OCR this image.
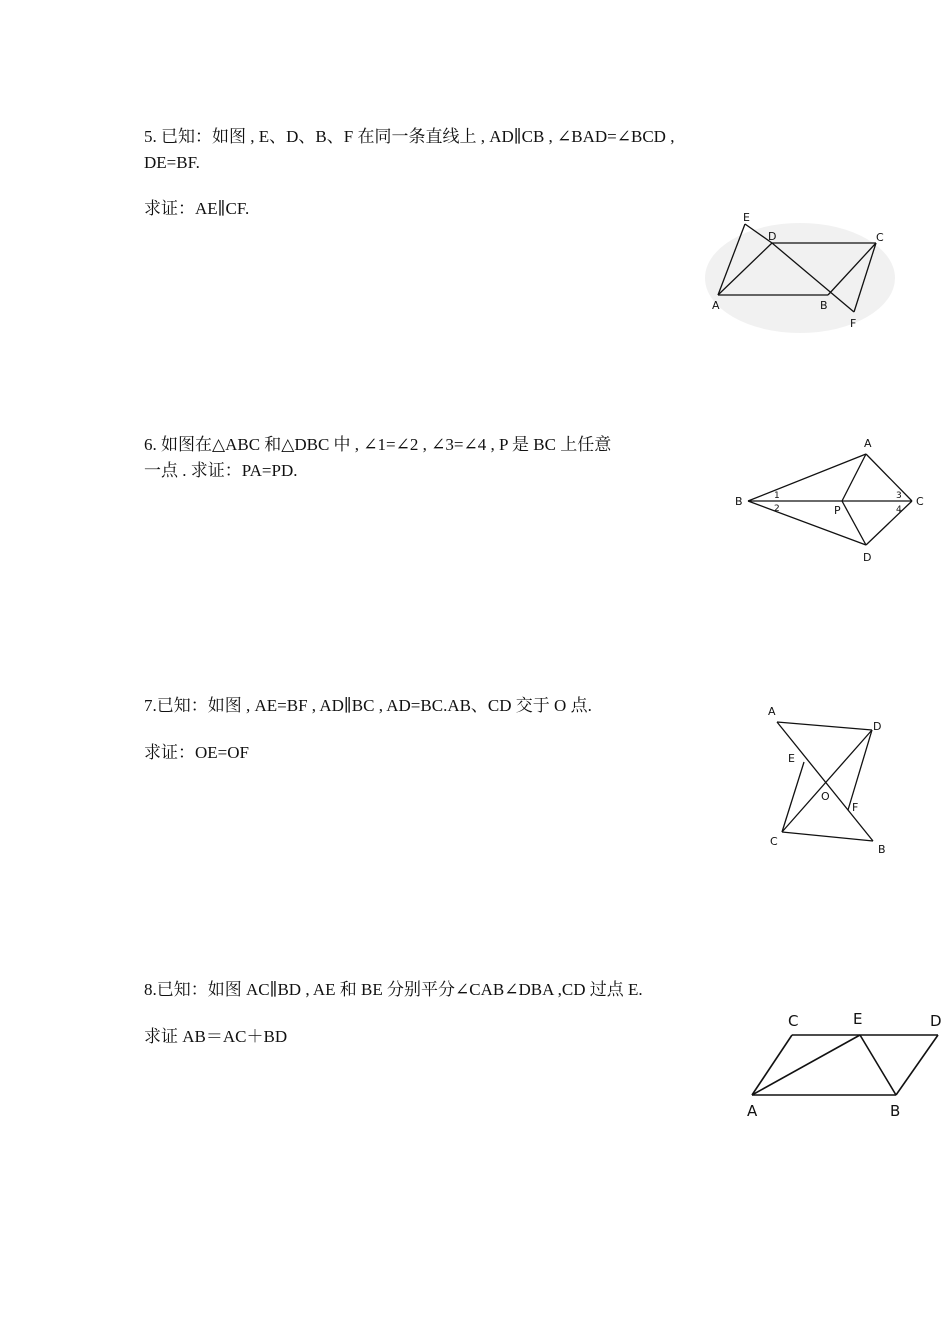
5. 已知：如图 , E、D、B、F 在同一条直线上 , AD∥CB , ∠BAD=∠BCD ,
DE=BF.
求证：AE∥CF.	E
D	C
A	B
F
6. 如图在△ABC 和△DBC 中 , ∠1=∠2 , ∠3=∠4 , P 是 BC 上任意
一点 . 求证：PA=PD.
A
B	C
D
P
1
2
3
4
7.已知：如图 , AE=BF , AD∥BC , AD=BC.AB、CD 交于 O 点.
求证：OE=OF
A
D
E
O
F
C
B
8.已知：如图 AC∥BD , AE 和 BE 分别平分∠CAB∠DBA ,CD 过点 E.
求证 AB＝AC＋BD
C	E	D
A	B
